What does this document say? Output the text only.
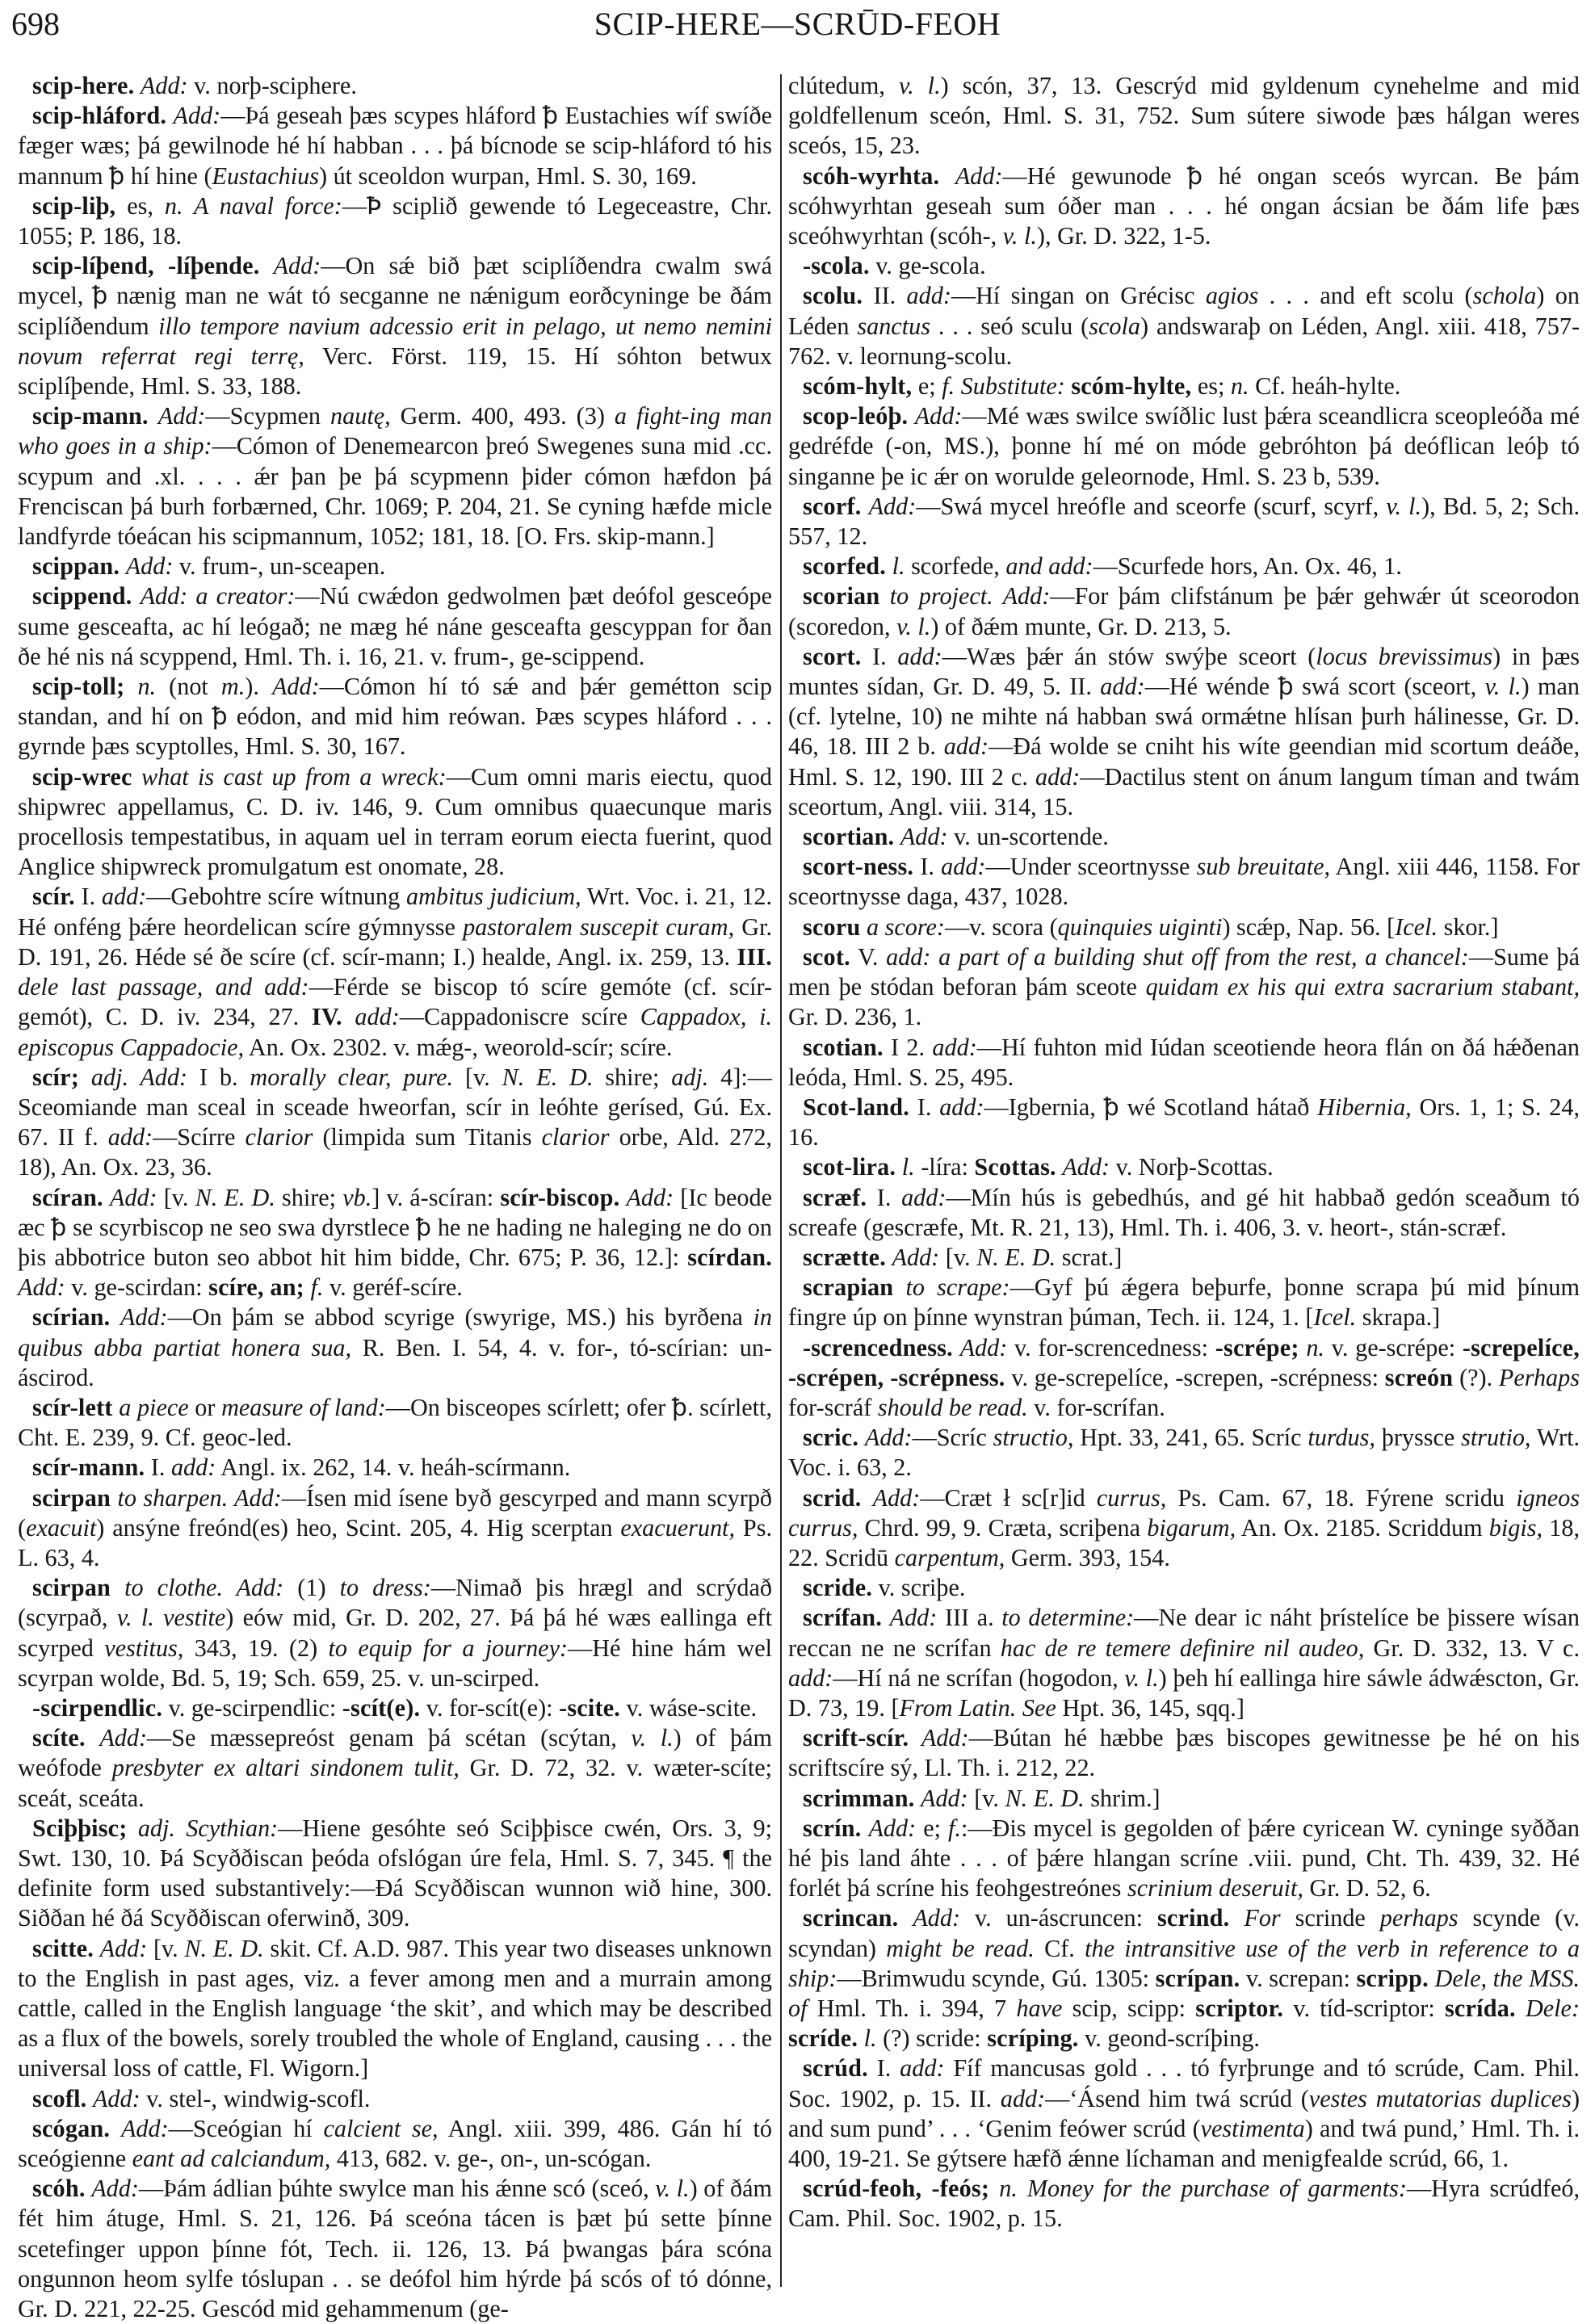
698	SCIP-HERE—SCRŪD-FEOH

scip-here. Add: v. norþ-sciphere.

scip-hláford. Add:—Þá geseah þæs scypes hláford ꝥ Eustachies wíf swíðe fæger wæs; þá gewilnode hé hí habban . . . þá bícnode se scip-hláford tó his mannum ꝥ hí hine (Eustachius) út sceoldon wurpan, Hml. S. 30, 169.

scip-liþ, es, n. A naval force:—Ꝥ sciplið gewende tó Legeceastre, Chr. 1055; P. 186, 18.

scip-líþend, -líþende. Add:—On sǽ bið þæt sciplíðendra cwalm swá mycel, ꝥ nænig man ne wát tó secganne ne nǽnigum eorðcyninge be ðám sciplíðendum illo tempore navium adcessio erit in pelago, ut nemo nemini novum referrat regi terrę, Verc. Först. 119, 15. Hí sóhton betwux sciplíþende, Hml. S. 33, 188.

scip-mann. Add:—Scypmen nautę, Germ. 400, 493. (3) a fight-ing man who goes in a ship:—Cómon of Denemearcon þreó Swegenes suna mid .cc. scypum and .xl. . . . ǽr þan þe þá scypmenn þider cómon hæfdon þá Frenciscan þá burh forbærned, Chr. 1069; P. 204, 21. Se cyning hæfde micle landfyrde tóeácan his scipmannum, 1052; 181, 18. [O. Frs. skip-mann.]

scippan. Add: v. frum-, un-sceapen.

scippend. Add: a creator:—Nú cwǽdon gedwolmen þæt deófol gesceópe sume gesceafta, ac hí leógað; ne mæg hé náne gesceafta gescyppan for ðan ðe hé nis ná scyppend, Hml. Th. i. 16, 21. v. frum-, ge-scippend.

scip-toll; n. (not m.). Add:—Cómon hí tó sǽ and þǽr gemétton scip standan, and hí on ꝥ eódon, and mid him reówan. Þæs scypes hláford . . . gyrnde þæs scyptolles, Hml. S. 30, 167.

scip-wrec what is cast up from a wreck:—Cum omni maris eiectu, quod shipwrec appellamus, C. D. iv. 146, 9. Cum omnibus quaecunque maris procellosis tempestatibus, in aquam uel in terram eorum eiecta fuerint, quod Anglice shipwreck promulgatum est onomate, 28.

scír. I. add:—Gebohtre scíre wítnung ambitus judicium, Wrt. Voc. i. 21, 12. Hé onféng þǽre heordelican scíre gýmnysse pastoralem suscepit curam, Gr. D. 191, 26. Héde sé ðe scíre (cf. scír-mann; I.) healde, Angl. ix. 259, 13. III. dele last passage, and add:—Férde se biscop tó scíre gemóte (cf. scír-gemót), C. D. iv. 234, 27. IV. add:—Cappadoniscre scíre Cappadox, i. episcopus Cappadocie, An. Ox. 2302. v. mǽg-, weorold-scír; scíre.

scír; adj. Add: I b. morally clear, pure. [v. N. E. D. shire; adj. 4]:—Sceomiande man sceal in sceade hweorfan, scír in leóhte gerísed, Gú. Ex. 67. II f. add:—Scírre clarior (limpida sum Titanis clarior orbe, Ald. 272, 18), An. Ox. 23, 36.

scíran. Add: [v. N. E. D. shire; vb.] v. á-scíran: scír-biscop. Add: [Ic beode æc ꝥ se scyrbiscop ne seo swa dyrstlece ꝥ he ne hading ne haleging ne do on þis abbotrice buton seo abbot hit him bidde, Chr. 675; P. 36, 12.]: scírdan. Add: v. ge-scirdan: scíre, an; f. v. geréf-scíre.

scírian. Add:—On þám se abbod scyrige (swyrige, MS.) his byrðena in quibus abba partiat honera sua, R. Ben. I. 54, 4. v. for-, tó-scírian: un-áscirod.

scír-lett a piece or measure of land:—On bisceopes scírlett; ofer ꝥ. scírlett, Cht. E. 239, 9. Cf. geoc-led.

scír-mann. I. add: Angl. ix. 262, 14. v. heáh-scírmann.

scirpan to sharpen. Add:—Ísen mid ísene byð gescyrped and mann scyrpð (exacuit) ansýne freónd(es) heo, Scint. 205, 4. Hig scerptan exacuerunt, Ps. L. 63, 4.

scirpan to clothe. Add: (1) to dress:—Nimað þis hrægl and scrýdað (scyrpað, v. l. vestite) eów mid, Gr. D. 202, 27. Þá þá hé wæs eallinga eft scyrped vestitus, 343, 19. (2) to equip for a journey:—Hé hine hám wel scyrpan wolde, Bd. 5, 19; Sch. 659, 25. v. un-scirped.

-scirpendlic. v. ge-scirpendlic: -scít(e). v. for-scít(e): -scite. v. wáse-scite.

scíte. Add:—Se mæssepreóst genam þá scétan (scýtan, v. l.) of þám weófode presbyter ex altari sindonem tulit, Gr. D. 72, 32. v. wæter-scíte; sceát, sceáta.

Sciþþisc; adj. Scythian:—Hiene gesóhte seó Sciþþisce cwén, Ors. 3, 9; Swt. 130, 10. Þá Scyððiscan þeóda ofslógan úre fela, Hml. S. 7, 345. ¶ the definite form used substantively:—Ðá Scyððiscan wunnon wið hine, 300. Siððan hé ðá Scyððiscan oferwinð, 309.

scitte. Add: [v. N. E. D. skit. Cf. A.D. 987. This year two diseases unknown to the English in past ages, viz. a fever among men and a murrain among cattle, called in the English language ‘the skit’, and which may be described as a flux of the bowels, sorely troubled the whole of England, causing . . . the universal loss of cattle, Fl. Wigorn.]

scofl. Add: v. stel-, windwig-scofl.

scógan. Add:—Sceógian hí calcient se, Angl. xiii. 399, 486. Gán hí tó sceógienne eant ad calciandum, 413, 682. v. ge-, on-, un-scógan.

scóh. Add:—Þám ádlian þúhte swylce man his ǽnne scó (sceó, v. l.) of ðám fét him átuge, Hml. S. 21, 126. Þá sceóna tácen is þæt þú sette þínne scetefinger uppon þínne fót, Tech. ii. 126, 13. Þá þwangas þára scóna ongunnon heom sylfe tóslupan . . se deófol him hýrde þá scós of tó dónne, Gr. D. 221, 22-25. Gescód mid gehammenum (ge-

clútedum, v. l.) scón, 37, 13. Gescrýd mid gyldenum cynehelme and mid goldfellenum sceón, Hml. S. 31, 752. Sum sútere siwode þæs hálgan weres sceós, 15, 23.

scóh-wyrhta. Add:—Hé gewunode ꝥ hé ongan sceós wyrcan. Be þám scóhwyrhtan geseah sum óðer man . . . hé ongan ácsian be ðám life þæs sceóhwyrhtan (scóh-, v. l.), Gr. D. 322, 1-5.

-scola. v. ge-scola.

scolu. II. add:—Hí singan on Grécisc agios . . . and eft scolu (schola) on Léden sanctus . . . seó sculu (scola) andswaraþ on Léden, Angl. xiii. 418, 757-762. v. leornung-scolu.

scóm-hylt, e; f. Substitute: scóm-hylte, es; n. Cf. heáh-hylte.

scop-leóþ. Add:—Mé wæs swilce swíðlic lust þǽra sceandlicra sceopleóða mé gedréfde (-on, MS.), þonne hí mé on móde gebróhton þá deóflican leóþ tó singanne þe ic ǽr on woruldе geleornode, Hml. S. 23 b, 539.

scorf. Add:—Swá mycel hreófle and sceorfe (scurf, scyrf, v. l.), Bd. 5, 2; Sch. 557, 12.

scorfed. l. scorfede, and add:—Scurfede hors, An. Ox. 46, 1.

scorian to project. Add:—For þám clifstánum þe þǽr gehwǽr út sceorodon (scoredon, v. l.) of ðǽm munte, Gr. D. 213, 5.

scort. I. add:—Wæs þǽr án stów swýþe sceort (locus brevissimus) in þæs muntes sídan, Gr. D. 49, 5. II. add:—Hé wénde ꝥ swá scort (sceort, v. l.) man (cf. lytelne, 10) ne mihte ná habban swá ormǽtne hlísan þurh hálinesse, Gr. D. 46, 18. III 2 b. add:—Ðá wolde se cniht his wíte geendian mid scortum deáðe, Hml. S. 12, 190. III 2 c. add:—Dactilus stent on ánum langum tíman and twám sceortum, Angl. viii. 314, 15.

scortian. Add: v. un-scortende.

scort-ness. I. add:—Under sceortnysse sub breuitate, Angl. xiii 446, 1158. For sceortnysse daga, 437, 1028.

scoru a score:—v. scora (quinquies uiginti) scǽp, Nap. 56. [Icel. skor.]

scot. V. add: a part of a building shut off from the rest, a chancel:—Sume þá men þe stódan beforan þám sceote quidam ex his qui extra sacrarium stabant, Gr. D. 236, 1.

scotian. I 2. add:—Hí fuhton mid Iúdan sceotiende heora flán on ðá hǽðenan leóda, Hml. S. 25, 495.

Scot-land. I. add:—Igbernia, ꝥ wé Scotland hátað Hibernia, Ors. 1, 1; S. 24, 16.

scot-lira. l. -líra: Scottas. Add: v. Norþ-Scottas.

scræf. I. add:—Mín hús is gebedhús, and gé hit habbað gedón sceaðum tó screafe (gescræfe, Mt. R. 21, 13), Hml. Th. i. 406, 3. v. heort-, stán-scræf.

scrætte. Add: [v. N. E. D. scrat.]

scrapian to scrape:—Gyf þú ǽgera beþurfe, þonne scrapa þú mid þínum fingre úp on þínne wynstran þúman, Tech. ii. 124, 1. [Icel. skrapa.]

-screncedness. Add: v. for-screncedness: -scrépe; n. v. ge-scrépe: -screpelíce, -scrépen, -scrépness. v. ge-screpelíce, -screpen, -scrépness: screón (?). Perhaps for-scráf should be read. v. for-scrífan.

scric. Add:—Scríc structio, Hpt. 33, 241, 65. Scríc turdus, þryssce strutio, Wrt. Voc. i. 63, 2.

scrid. Add:—Cræt ł sc[r]id currus, Ps. Cam. 67, 18. Fýrene scridu igneos currus, Chrd. 99, 9. Cræta, scriþena bigarum, An. Ox. 2185. Scriddum bigis, 18, 22. Scridū carpentum, Germ. 393, 154.

scride. v. scriþe.

scrífan. Add: III a. to determine:—Ne dear ic náht þrístelíce be þissere wísan reccan ne ne scrífan hac de re temere definire nil audeo, Gr. D. 332, 13. V c. add:—Hí ná ne scrífan (hogodon, v. l.) þeh hí eallinga hire sáwle ádwǽscton, Gr. D. 73, 19. [From Latin. See Hpt. 36, 145, sqq.]

scrift-scír. Add:—Bútan hé hæbbe þæs biscopes gewitnesse þe hé on his scriftscíre sý, Ll. Th. i. 212, 22.

scrimman. Add: [v. N. E. D. shrim.]

scrín. Add: e; f.:—Ðis mycel is gegolden of þǽre cyricean W. cyninge syððan hé þis land áhte . . . of þǽre hlangan scríne .viii. pund, Cht. Th. 439, 32. Hé forlét þá scríne his feohgestreónes scrinium deseruit, Gr. D. 52, 6.

scrincan. Add: v. un-áscruncen: scrind. For scrinde perhaps scynde (v. scyndan) might be read. Cf. the intransitive use of the verb in reference to a ship:—Brimwudu scynde, Gú. 1305: scrípan. v. screpan: scripp. Dele, the MSS. of Hml. Th. i. 394, 7 have scip, scipp: scriptor. v. tíd-scriptor: scrída. Dele: scríde. l. (?) scride: scríping. v. geond-scríþing.

scrúd. I. add: Fíf mancusas gold . . . tó fyrþrunge and tó scrúde, Cam. Phil. Soc. 1902, p. 15. II. add:—‘Ásend him twá scrúd (vestes mutatorias duplices) and sum pund’ . . . ‘Genim feówer scrúd (vestimenta) and twá pund,’ Hml. Th. i. 400, 19-21. Se gýtsere hæfð ǽnne líchaman and menigfealde scrúd, 66, 1.

scrúd-feoh, -feós; n. Money for the purchase of garments:—Hyra scrúdfeó, Cam. Phil. Soc. 1902, p. 15.
